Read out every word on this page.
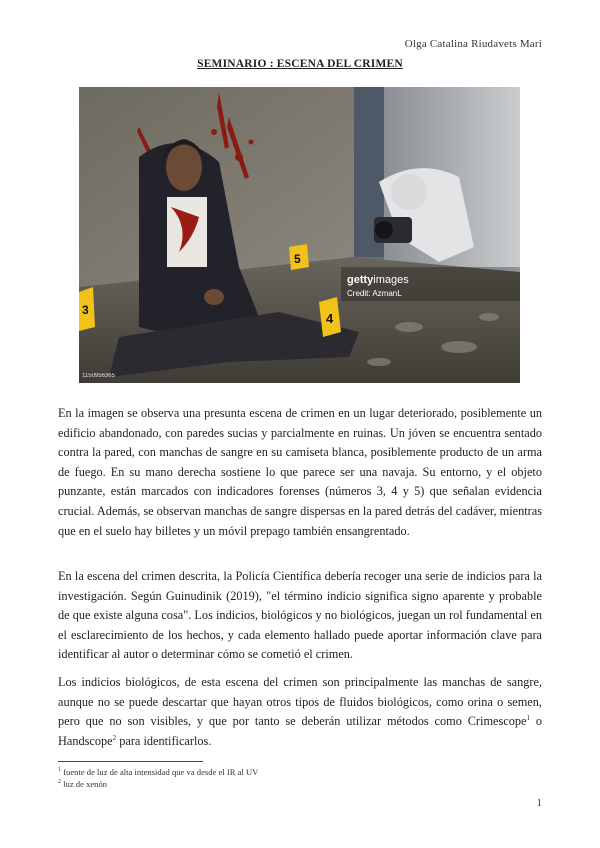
Olga Catalina Riudavets Mari
SEMINARIO : ESCENA DEL CRIMEN
5
4
3
gettyimages
Credit: AzmanL
1150956365

En la imagen se observa una presunta escena de crimen en un lugar deteriorado, posiblemente un edificio abandonado, con paredes sucias y parcialmente en ruinas. Un jóven se encuentra sentado contra la pared, con manchas de sangre en su camiseta blanca, posiblemente producto de un arma de fuego. En su mano derecha sostiene lo que parece ser una navaja. Su entorno, y el objeto punzante, están marcados con indicadores forenses (números 3, 4 y 5) que señalan evidencia crucial. Además, se observan manchas de sangre dispersas en la pared detrás del cadáver, mientras que en el suelo hay billetes y un móvil prepago también ensangrentado.

En la escena del crimen descrita, la Policía Científica debería recoger una serie de indicios para la investigación. Según Guinudinik (2019), "el término indicio significa signo aparente y probable de que existe alguna cosa". Los indicios, biológicos y no biológicos, juegan un rol fundamental en el esclarecimiento de los hechos, y cada elemento hallado puede aportar información clave para identificar al autor o determinar cómo se cometió el crimen.

Los indicios biológicos, de esta escena del crimen son principalmente las manchas de sangre, aunque no se puede descartar que hayan otros tipos de fluidos biológicos, como orina o semen, pero que no son visibles, y que por tanto se deberán utilizar métodos como Crimescope$^1$ o Handscope$^2$ para identificarlos.

$^1$ fuente de luz de alta intensidad que va desde el IR al UV
$^2$ luz de xenón
1
